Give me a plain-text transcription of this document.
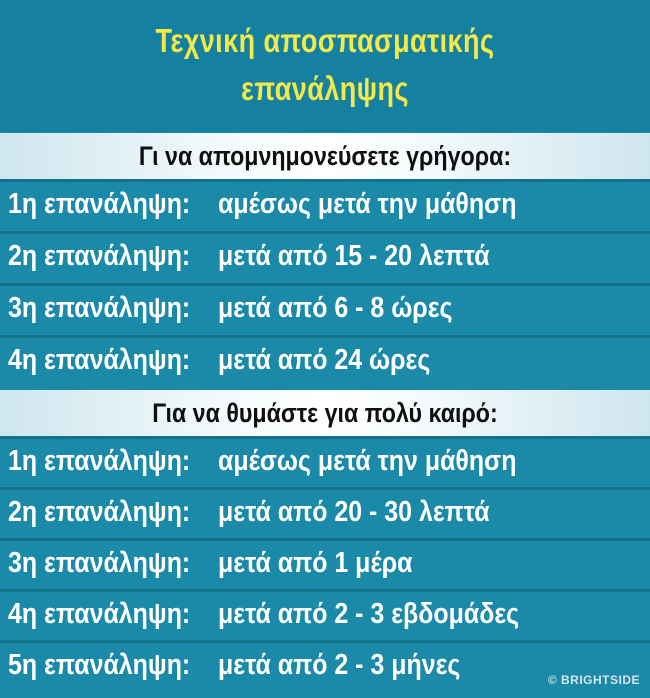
Τεχνική αποσπασματικής
επανάληψης
Γι να απομνημονεύσετε γρήγορα:
1η επανάληψη: αμέσως μετά την μάθηση
2η επανάληψη: μετά από 15 - 20 λεπτά
3η επανάληψη: μετά από 6 - 8 ώρες
4η επανάληψη: μετά από 24 ώρες
Για να θυμάστε για πολύ καιρό:
1η επανάληψη: αμέσως μετά την μάθηση
2η επανάληψη: μετά από 20 - 30 λεπτά
3η επανάληψη: μετά από 1 μέρα
4η επανάληψη: μετά από 2 - 3 εβδομάδες
5η επανάληψη: μετά από 2 - 3 μήνες	© BRIGHTSIDE
